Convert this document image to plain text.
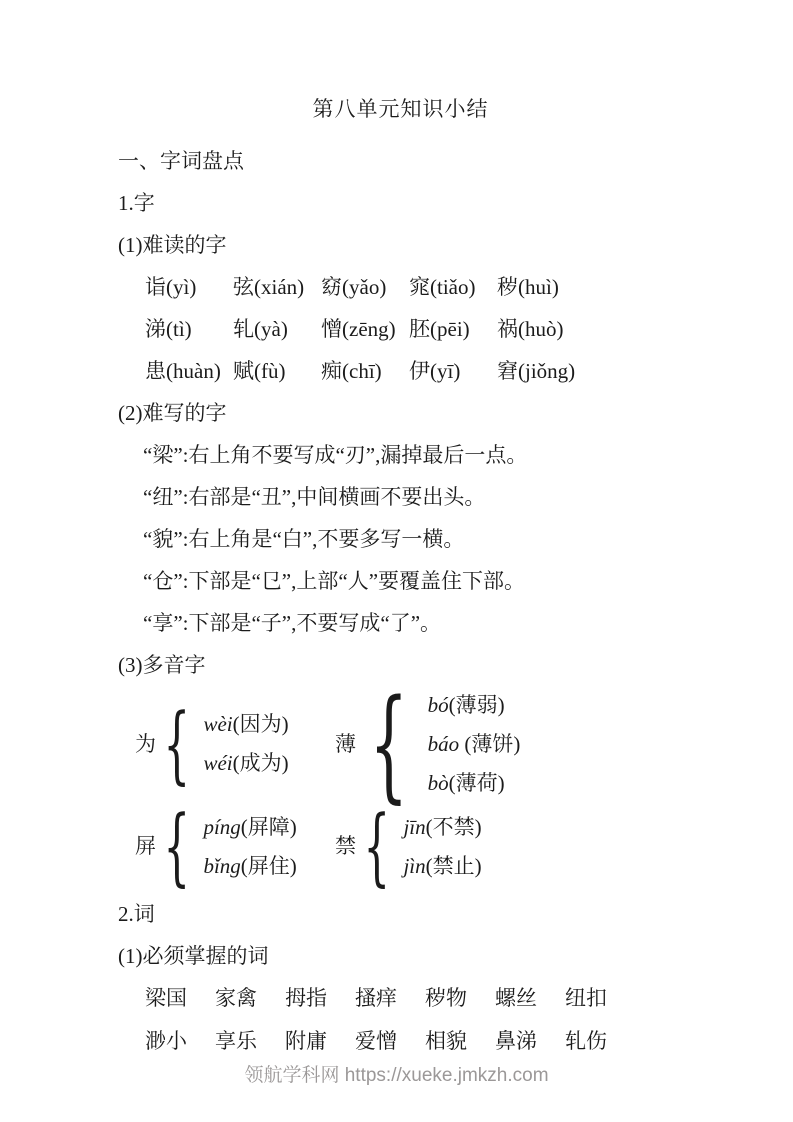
第八单元知识小结

一、字词盘点

1.字

(1)难读的字

诣(yì)	弦(xián) 窈(yǎo)	窕(tiǎo)	秽(huì)
涕(tì)	轧(yà)	憎(zēng) 胚(pēi)	祸(huò)
患(huàn) 赋(fù)	痴(chī)	伊(yī)	窘(jiǒng)

(2)难写的字

“梁”:右上角不要写成“刃”,漏掉最后一点。

“纽”:右部是“丑”,中间横画不要出头。

“貌”:右上角是“白”,不要多写一横。

“仓”:下部是“㔾”,上部“人”要覆盖住下部。

“享”:下部是“子”,不要写成“了”。

(3)多音字

为 { wèi(因为)
wéi(成为)
薄 { bó(薄弱)
báo (薄饼)
bò(薄荷)
屏 { píng(屏障)
bǐng(屏住)
禁 { jīn(不禁)
jìn(禁止)

2.词

(1)必须掌握的词

梁国 家禽 拇指 搔痒 秽物 螺丝 纽扣
渺小 享乐 附庸 爱憎 相貌 鼻涕 轧伤
领航学科网 https://xueke.jmkzh.com
